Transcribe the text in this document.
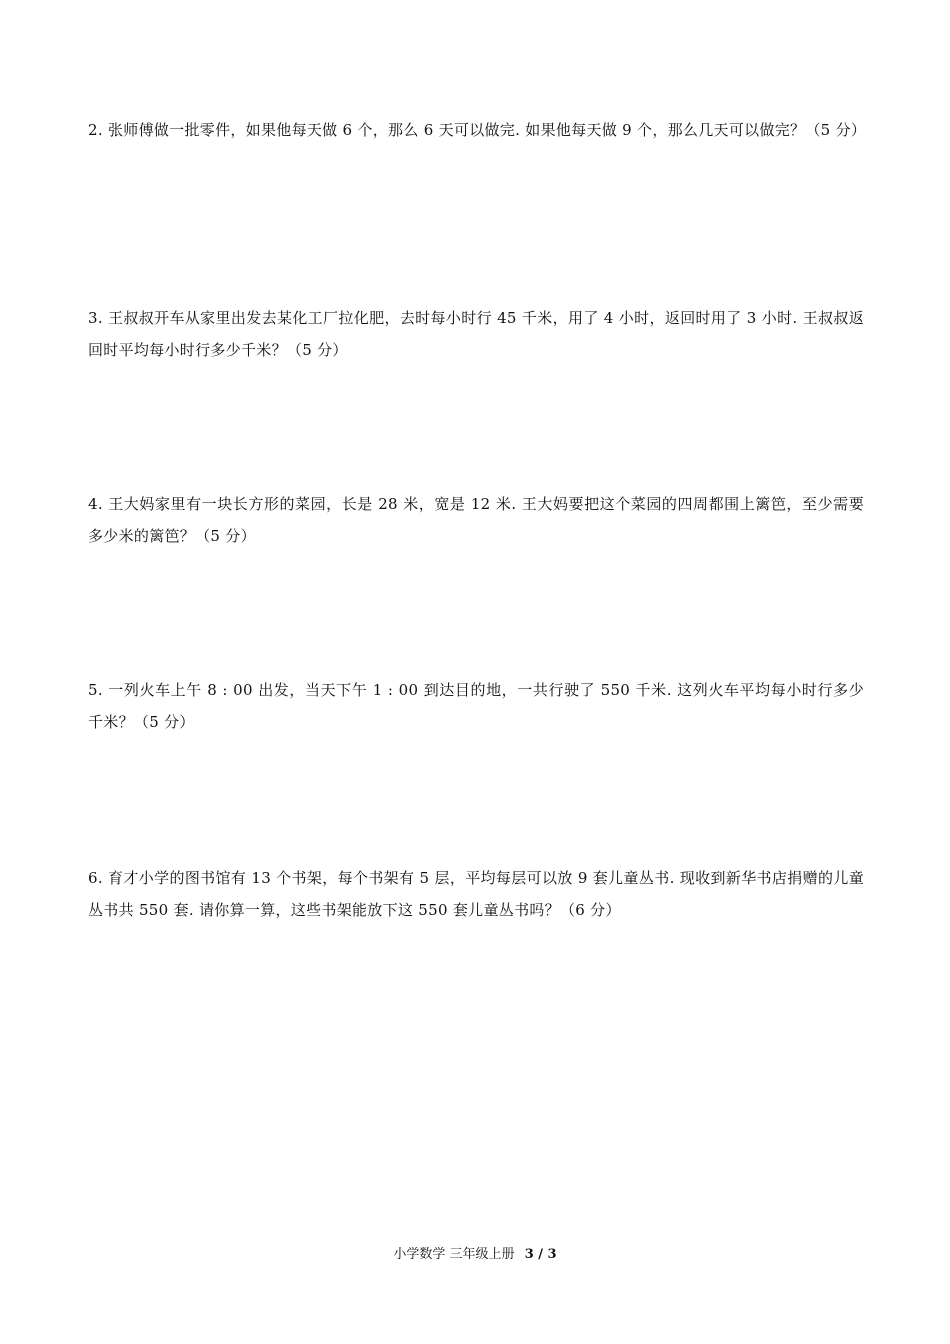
2. 张师傅做一批零件，如果他每天做 6 个，那么 6 天可以做完. 如果他每天做 9 个，那么几天可以做完？（5 分）

3. 王叔叔开车从家里出发去某化工厂拉化肥，去时每小时行 45 千米，用了 4 小时，返回时用了 3 小时. 王叔叔返回时平均每小时行多少千米？（5 分）

4. 王大妈家里有一块长方形的菜园，长是 28 米，宽是 12 米. 王大妈要把这个菜园的四周都围上篱笆，至少需要多少米的篱笆？（5 分）

5. 一列火车上午 8 : 00 出发，当天下午 1 : 00 到达目的地，一共行驶了 550 千米. 这列火车平均每小时行多少千米？（5 分）

6. 育才小学的图书馆有 13 个书架，每个书架有 5 层，平均每层可以放 9 套儿童丛书. 现收到新华书店捐赠的儿童丛书共 550 套. 请你算一算，这些书架能放下这 550 套儿童丛书吗？（6 分）

小学数学 三年级上册 3 / 3
